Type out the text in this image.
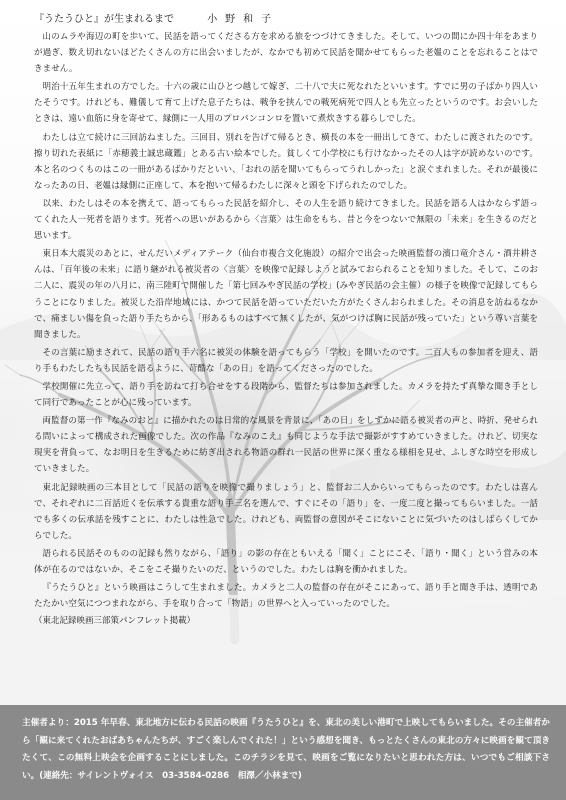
『うたうひと』が生まれるまで	小野和子

山のムラや海辺の町を歩いて、民話を語ってくださる方を求める旅をつづけてきました。そして、いつの間にか四十年をあまりが過ぎ、数え切れないほどたくさんの方に出会いましたが、なかでも初めて民話を聞かせてもらった老媼のことを忘れることはできません。

明治十五年生まれの方でした。十六の歳に山ひとつ越して嫁ぎ、二十八で夫に死なれたといいます。すでに男の子ばかり四人いたそうです。けれども、難儀して育て上げた息子たちは、戦争を挟んでの戦死病死で四人とも先立ったというのです。お会いしたときは、遠い血筋に身を寄せて、縁側に一人用のプロパンコンロを置いて煮炊きする暮らしでした。

わたしは立て続けに三回訪ねました。三回目、別れを告げて帰るとき、横長の本を一冊出してきて、わたしに渡されたのです。擦り切れた表紙に「赤穂義士誠忠蔵鑑」とある古い絵本でした。貧しくて小学校にも行けなかったその人は字が読めないのです。本と名のつくものはこの一冊があるばかりだといい、「おれの話を聞いてもらってうれしかった」と涙ぐまれました。それが最後になったあの日、老媼は縁側に正座して、本を抱いて帰るわたしに深々と頭を下げられたのでした。

以来、わたしはその本を携えて、語ってもらった民話を紹介し、その人生を語り続けてきました。民話を語る人はかならず語ってくれた人一死者を語ります。死者への思いがあるから〈言葉〉は生命をもち、昔と今をつないで無限の「未来」を生きるのだと思います。

東日本大震災のあとに、せんだいメディアテーク（仙台市複合文化施設）の紹介で出会った映画監督の濱口竜介さん・酒井耕さんは、「百年後の未来」に語り継がれる被災者の〈言葉〉を映像で記録しようと試みておられることを知りました。そして、このお二人に、震災の年の八月に、南三陸町で開催した「第七回みやぎ民話の学校」(みやぎ民話の会主催）の様子を映像で記録してもらうことになりました。被災した沿岸地域には、かつて民話を語っていただいた方がたくさんおられました。その消息を訪ねるなかで、痛ましい傷を負った語り手たちから、「形あるものはすべて無くしたが、気がつけば胸に民話が残っていた」という尊い言葉を聞きました。

その言葉に励まされて、民話の語り手六名に被災の体験を語ってもらう「学校」を開いたのです。二百人もの参加者を迎え、語り手もわたしたちも民話を語るように、苛酷な「あの日」を語ってくださったのでした。

学校開催に先立って、語り手を訪ねて打ち合せをする段階から、監督たちは参加されました。カメラを持たず真摯な聞き手として同行であったことが心に残っています。

両監督の第一作『なみのおと』に描かれたのは日常的な風景を背景に、「あの日」をしずかに語る被災者の声と、時折、発せられる問いによって構成された画像でした。次の作品『なみのこえ』も同じような手法で撮影がすすめていきました。けれど、切実な現実を背負って、なお明日を生きるために紡ぎ出される物語の群れ一民話の世界に深く重なる様相を見せ、ふしぎな時空を形成していきました。

東北記録映画の三本目として「民話の語りを映像で撮りましょう」と、監督お二人からいってもらったのです。わたしは喜んで、それぞれに二百話近くを伝承する貴重な語り手三名を選んで、すぐにその「語り」を、一度二度と撮ってもらいました。一話でも多くの伝承話を残すことに、わたしは性急でした。けれども、両監督の意図がそこにないことに気づいたのはしばらくしてからでした。

語られる民話そのものの記録も然りながら、「語り」の影の存在ともいえる「聞く」ことにこそ、「語り・聞く」という営みの本体が在るのではないか、そこをこそ撮りたいのだ、というのでした。わたしは胸を衝かれました。

『うたうひと』という映画はこうして生まれました。カメラと二人の監督の存在がそこにあって、語り手と聞き手は、透明であたたかい空気につつまれながら、手を取り合って「物語」の世界へと入っていったのでした。

（東北記録映画三部策パンフレット掲載）
主催者より：2015 年早春、東北地方に伝わる民話の映画『うたうひと』を、東北の美しい港町で上映してもらいました。その主催者から「観に来てくれたおばあちゃんたちが、すごく楽しんでくれた！」という感想を聞き、もっとたくさんの東北の方々に映画を観て頂きたくて、この無料上映会を企画することにしました。このチラシを見て、映画をご覧になりたいと思われた方は、いつでもご相談下さい。(連絡先：サイレントヴォイス　03-3584-0286　相澤／小林まで)
